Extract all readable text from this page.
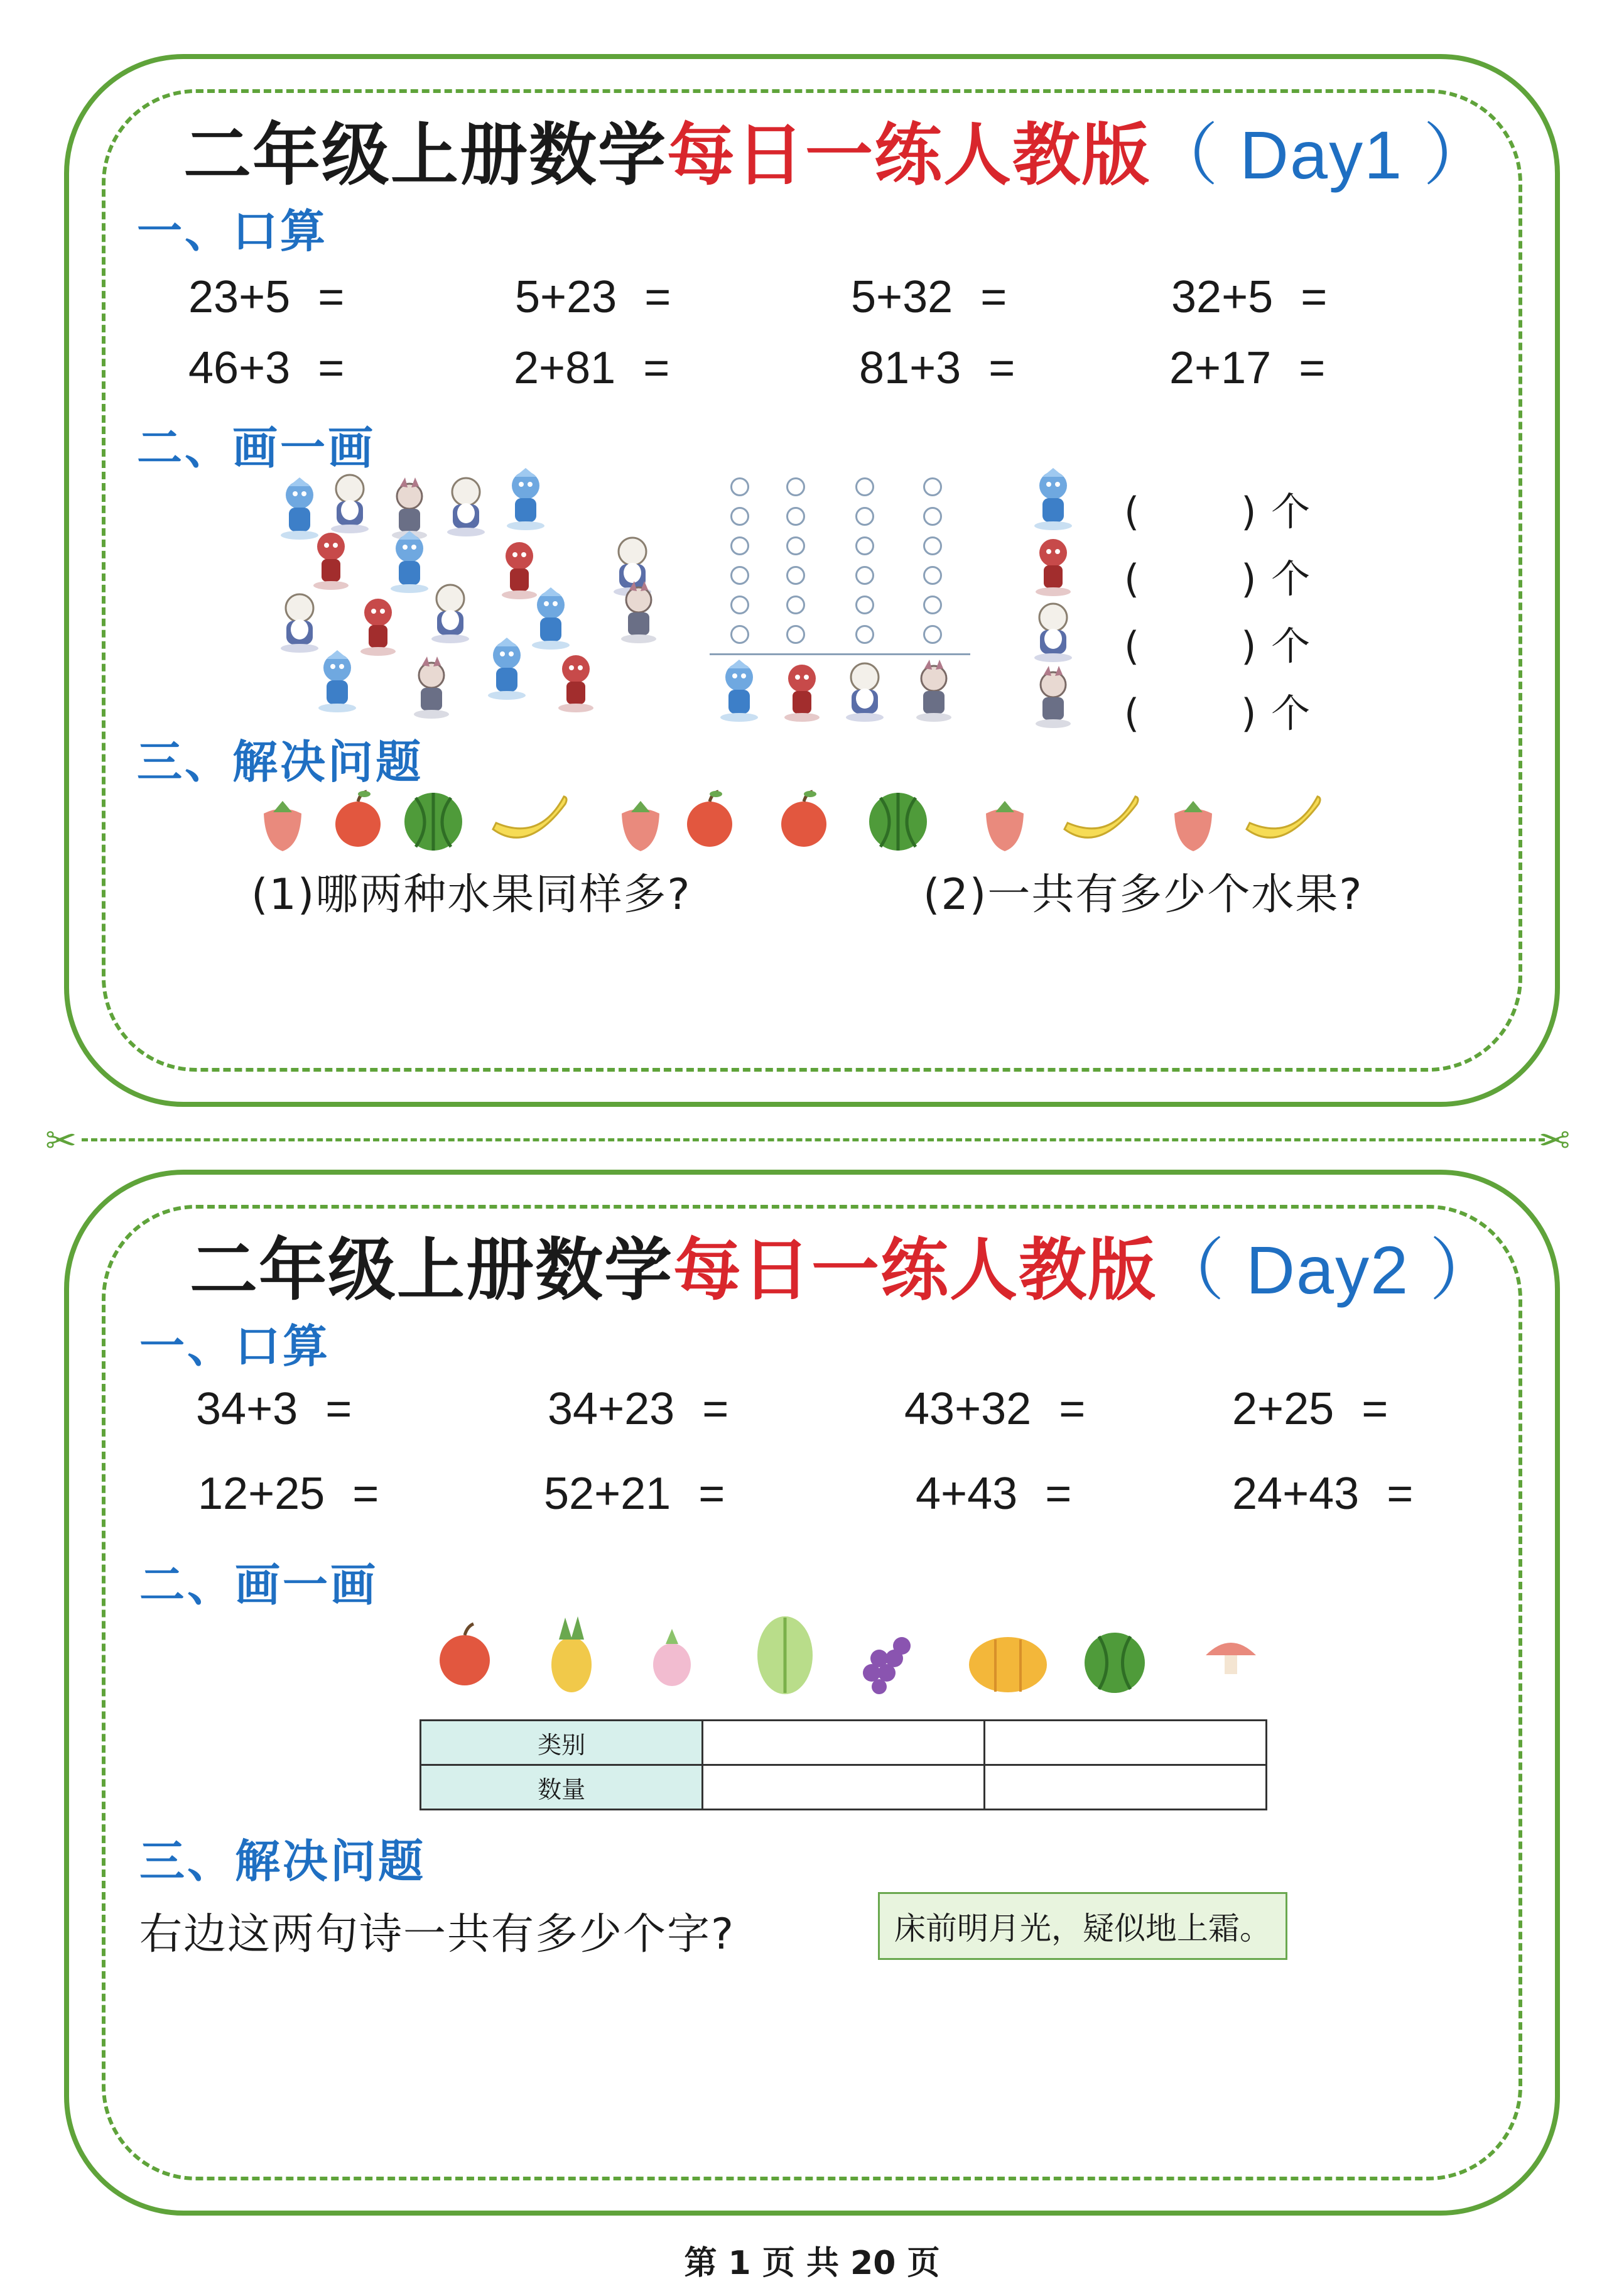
二年级上册数学每日一练人教版（ Day1 ）
一、口算
23+5 =	5+23 =	5+32 =	32+5 =
46+3 =	2+81 =	81+3 =	2+17 =
二、画一画
(	) 个
(	) 个
(	) 个
(	) 个
三、解决问题
(1)哪两种水果同样多?	(2)一共有多少个水果?
✂	✂
二年级上册数学每日一练人教版（ Day2 ）
一、口算
34+3 =	34+23 =	43+32 =	2+25 =
12+25 =	52+21 =	4+43 =	24+43 =
二、画一画
类别		
数量		
三、解决问题
右边这两句诗一共有多少个字?	床前明月光，疑似地上霜。
第 1 页 共 20 页
